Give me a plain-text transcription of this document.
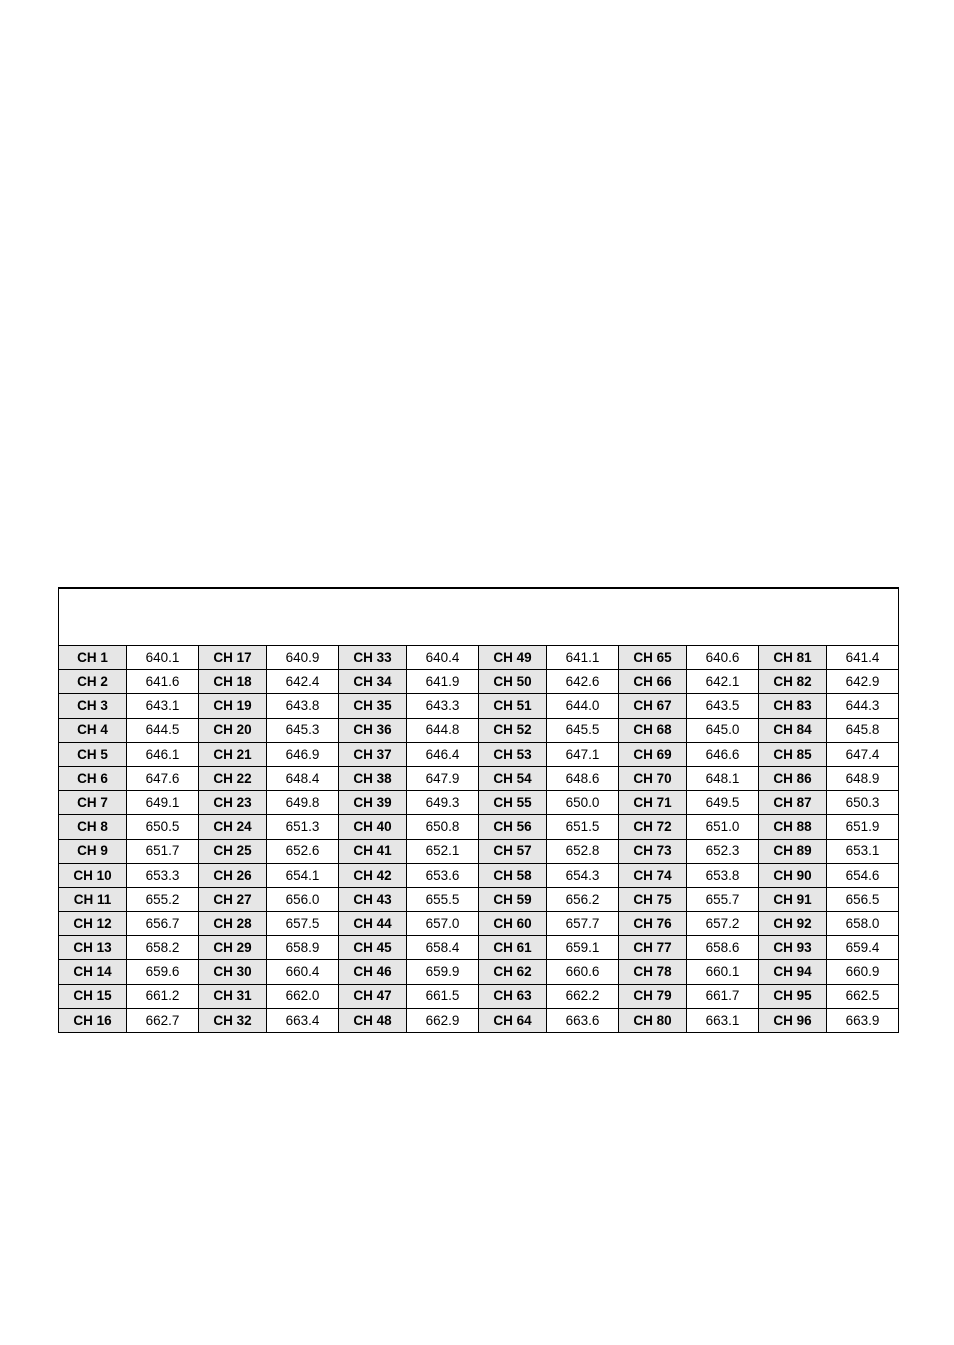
CH 1	640.1	CH 17	640.9	CH 33	640.4	CH 49	641.1	CH 65	640.6	CH 81	641.4
CH 2	641.6	CH 18	642.4	CH 34	641.9	CH 50	642.6	CH 66	642.1	CH 82	642.9
CH 3	643.1	CH 19	643.8	CH 35	643.3	CH 51	644.0	CH 67	643.5	CH 83	644.3
CH 4	644.5	CH 20	645.3	CH 36	644.8	CH 52	645.5	CH 68	645.0	CH 84	645.8
CH 5	646.1	CH 21	646.9	CH 37	646.4	CH 53	647.1	CH 69	646.6	CH 85	647.4
CH 6	647.6	CH 22	648.4	CH 38	647.9	CH 54	648.6	CH 70	648.1	CH 86	648.9
CH 7	649.1	CH 23	649.8	CH 39	649.3	CH 55	650.0	CH 71	649.5	CH 87	650.3
CH 8	650.5	CH 24	651.3	CH 40	650.8	CH 56	651.5	CH 72	651.0	CH 88	651.9
CH 9	651.7	CH 25	652.6	CH 41	652.1	CH 57	652.8	CH 73	652.3	CH 89	653.1
CH 10	653.3	CH 26	654.1	CH 42	653.6	CH 58	654.3	CH 74	653.8	CH 90	654.6
CH 11	655.2	CH 27	656.0	CH 43	655.5	CH 59	656.2	CH 75	655.7	CH 91	656.5
CH 12	656.7	CH 28	657.5	CH 44	657.0	CH 60	657.7	CH 76	657.2	CH 92	658.0
CH 13	658.2	CH 29	658.9	CH 45	658.4	CH 61	659.1	CH 77	658.6	CH 93	659.4
CH 14	659.6	CH 30	660.4	CH 46	659.9	CH 62	660.6	CH 78	660.1	CH 94	660.9
CH 15	661.2	CH 31	662.0	CH 47	661.5	CH 63	662.2	CH 79	661.7	CH 95	662.5
CH 16	662.7	CH 32	663.4	CH 48	662.9	CH 64	663.6	CH 80	663.1	CH 96	663.9
